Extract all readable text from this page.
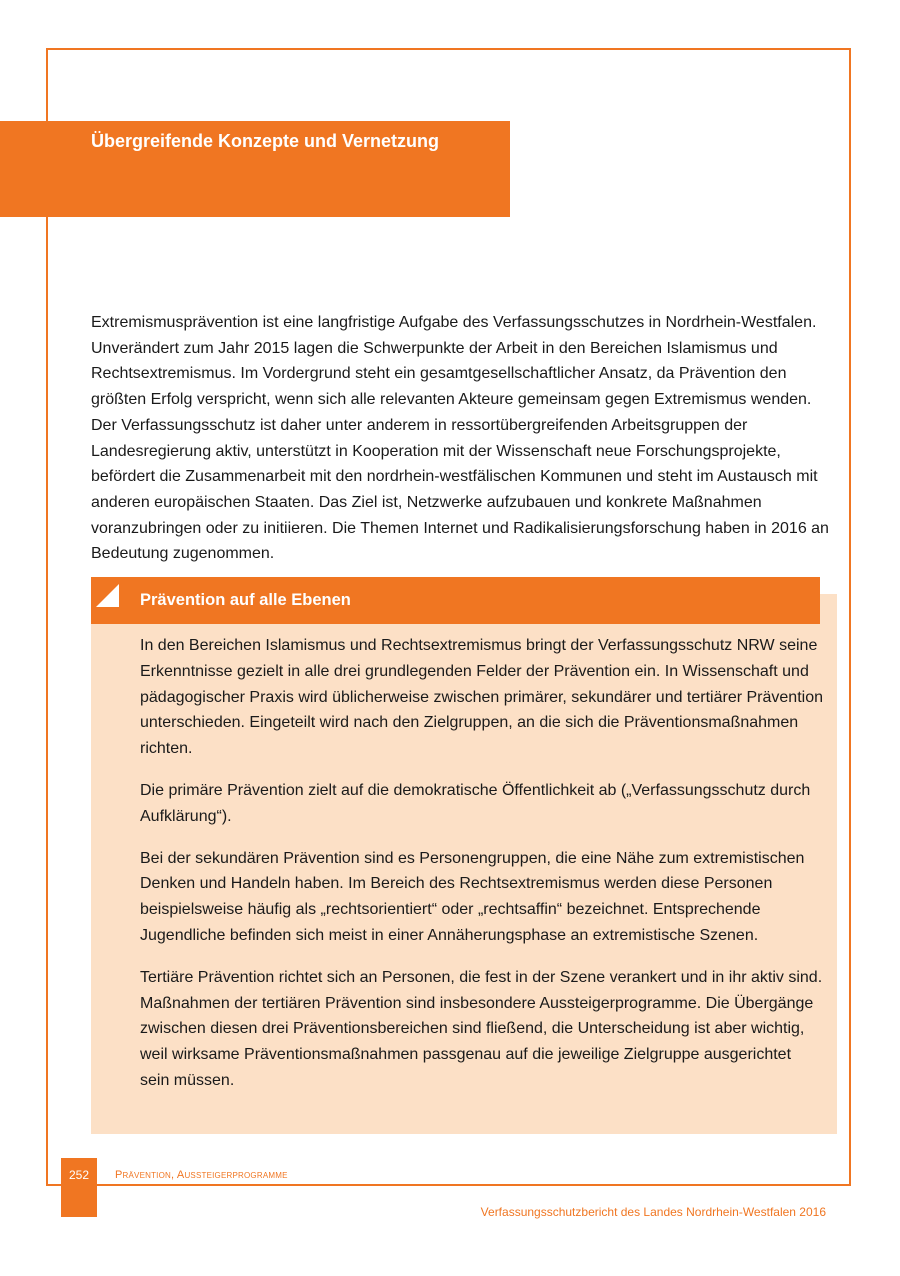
Übergreifende Konzepte und Vernetzung

Extremismusprävention ist eine langfristige Aufgabe des Verfassungsschutzes in Nordrhein-Westfalen. Unverändert zum Jahr 2015 lagen die Schwerpunkte der Arbeit in den Bereichen Islamismus und Rechtsextremismus. Im Vordergrund steht ein gesamtgesellschaftlicher Ansatz, da Prävention den größten Erfolg verspricht, wenn sich alle relevanten Akteure gemeinsam gegen Extremismus wenden. Der Verfassungsschutz ist daher unter anderem in ressortübergreifenden Arbeitsgruppen der Landesregierung aktiv, unterstützt in Kooperation mit der Wissenschaft neue Forschungsprojekte, befördert die Zusammenarbeit mit den nordrhein-westfälischen Kommunen und steht im Austausch mit anderen europäischen Staaten. Das Ziel ist, Netzwerke aufzubauen und konkrete Maßnahmen voranzubringen oder zu initiieren. Die Themen Internet und Radikalisierungsforschung haben in 2016 an Bedeutung zugenommen.

Prävention auf alle Ebenen

In den Bereichen Islamismus und Rechtsextremismus bringt der Verfassungsschutz NRW seine Erkenntnisse gezielt in alle drei grundlegenden Felder der Prävention ein. In Wissenschaft und pädagogischer Praxis wird üblicherweise zwischen primärer, sekundärer und tertiärer Prävention unterschieden. Eingeteilt wird nach den Zielgruppen, an die sich die Präventionsmaßnahmen richten.

Die primäre Prävention zielt auf die demokratische Öffentlichkeit ab („Verfassungsschutz durch Aufklärung“).

Bei der sekundären Prävention sind es Personengruppen, die eine Nähe zum extremistischen Denken und Handeln haben. Im Bereich des Rechtsextremismus werden diese Personen beispielsweise häufig als „rechtsorientiert“ oder „rechtsaffin“ bezeichnet. Entsprechende Jugendliche befinden sich meist in einer Annäherungsphase an extremistische Szenen.

Tertiäre Prävention richtet sich an Personen, die fest in der Szene verankert und in ihr aktiv sind. Maßnahmen der tertiären Prävention sind insbesondere Aussteigerprogramme. Die Übergänge zwischen diesen drei Präventionsbereichen sind fließend, die Unterscheidung ist aber wichtig, weil wirksame Präventionsmaßnahmen passgenau auf die jeweilige Zielgruppe ausgerichtet sein müssen.

252	Prävention, Aussteigerprogramme
Verfassungsschutzbericht des Landes Nordrhein-Westfalen 2016
